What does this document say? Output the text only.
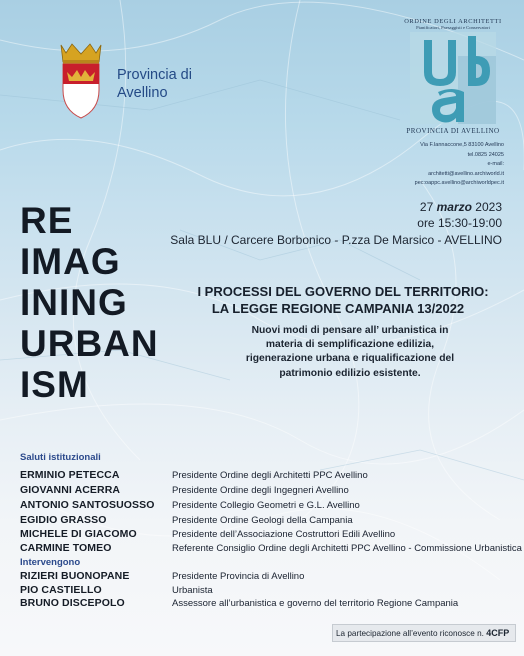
Provincia di
Avellino
ORDINE DEGLI ARCHITETTI
Pianificatori, Paesaggisti e Conservatori
PROVINCIA DI AVELLINO
Via F.Iannaccone,5 83100 Avellino
tel.0825 24025
e-mail:
architetti@avellino.archiworld.it
pec:oappc.avellino@archiworldpec.it
RE
IMAG
INING
URBAN
ISM
27 marzo 2023
ore 15:30-19:00
Sala BLU / Carcere Borbonico - P.zza De Marsico - AVELLINO
I PROCESSI DEL GOVERNO DEL TERRITORIO:
LA LEGGE REGIONE CAMPANIA 13/2022
Nuovi modi di pensare all’ urbanistica in
materia di semplificazione edilizia,
rigenerazione urbana e riqualificazione del
patrimonio edilizio esistente.
Saluti istituzionali
ERMINIO PETECCA	Presidente Ordine degli Architetti PPC Avellino
GIOVANNI ACERRA	Presidente Ordine degli Ingegneri Avellino
ANTONIO SANTOSUOSSO Presidente Collegio Geometri e G.L. Avellino
EGIDIO GRASSO	Presidente Ordine Geologi della Campania
MICHELE DI GIACOMO	Presidente dell’Associazione Costruttori Edili Avellino
CARMINE TOMEO	Referente Consiglio Ordine degli Architetti PPC Avellino - Commissione Urbanistica
Intervengono
RIZIERI BUONOPANE	Presidente Provincia di Avellino
PIO CASTIELLO	Urbanista
BRUNO DISCEPOLO	Assessore all’urbanistica e governo del territorio Regione Campania
La partecipazione all’evento riconosce n. 4CFP
